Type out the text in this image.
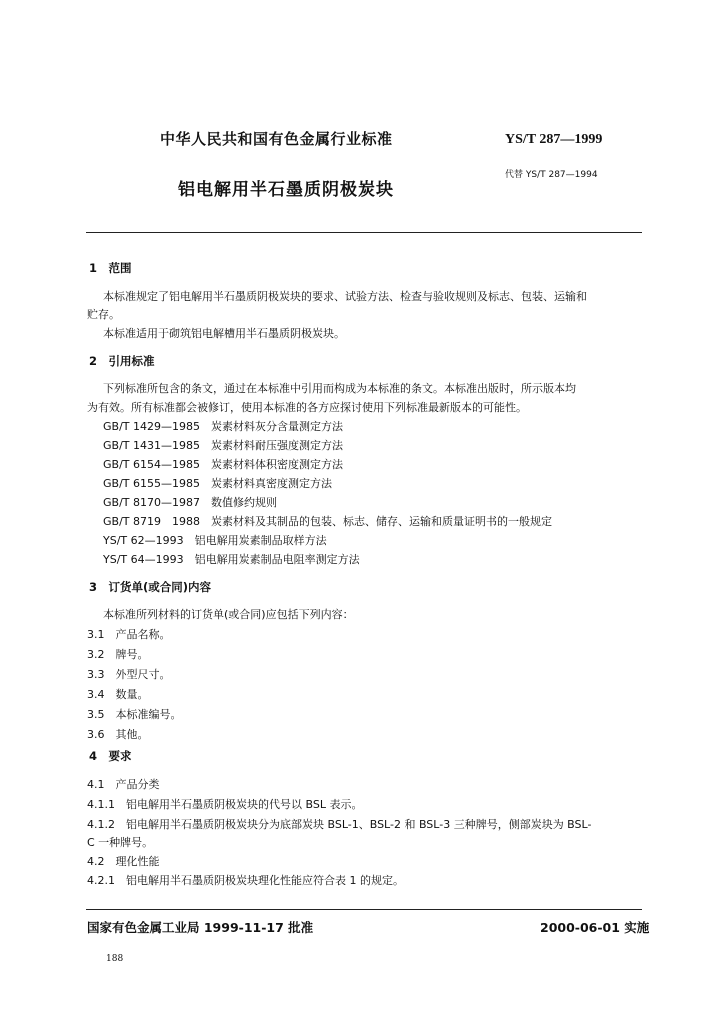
中华人民共和国有色金属行业标准	YS/T 287—1999
代替 YS/T 287—1994
铝电解用半石墨质阴极炭块
1　范围
本标准规定了铝电解用半石墨质阴极炭块的要求、试验方法、检查与验收规则及标志、包装、运输和
贮存。
本标准适用于砌筑铝电解槽用半石墨质阴极炭块。
2　引用标准
下列标准所包含的条文，通过在本标准中引用而构成为本标准的条文。本标准出版时，所示版本均
为有效。所有标准都会被修订，使用本标准的各方应探讨使用下列标准最新版本的可能性。
GB/T 1429—1985　炭素材料灰分含量测定方法
GB/T 1431—1985　炭素材料耐压强度测定方法
GB/T 6154—1985　炭素材料体积密度测定方法
GB/T 6155—1985　炭素材料真密度测定方法
GB/T 8170—1987　数值修约规则
GB/T 8719　1988　炭素材料及其制品的包装、标志、储存、运输和质量证明书的一般规定
YS/T 62—1993　铝电解用炭素制品取样方法
YS/T 64—1993　铝电解用炭素制品电阻率测定方法
3　订货单(或合同)内容
本标准所列材料的订货单(或合同)应包括下列内容：
3.1　产品名称。
3.2　牌号。
3.3　外型尺寸。
3.4　数量。
3.5　本标准编号。
3.6　其他。
4　要求
4.1　产品分类
4.1.1　铝电解用半石墨质阴极炭块的代号以 BSL 表示。
4.1.2　铝电解用半石墨质阴极炭块分为底部炭块 BSL-1、BSL-2 和 BSL-3 三种牌号，侧部炭块为 BSL-
C 一种牌号。
4.2　理化性能
4.2.1　铝电解用半石墨质阴极炭块理化性能应符合表 1 的规定。
国家有色金属工业局 1999-11-17 批准	2000-06-01 实施
188
